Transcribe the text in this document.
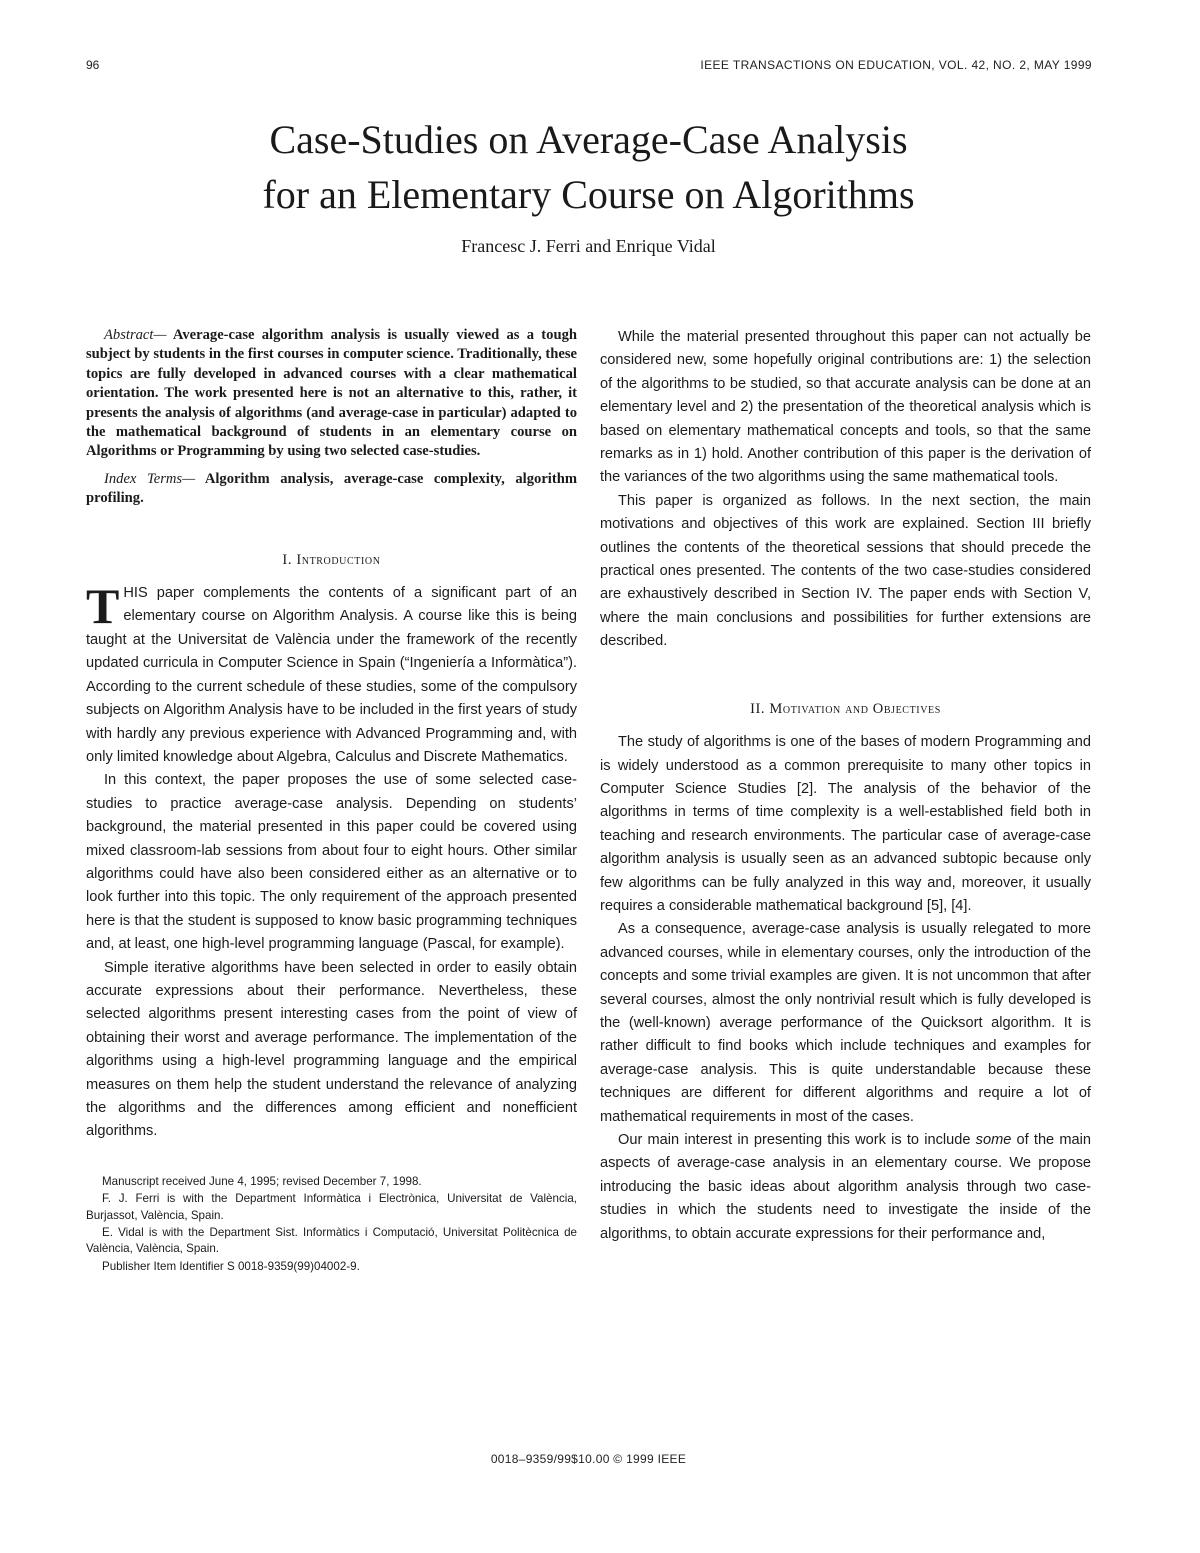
96	IEEE TRANSACTIONS ON EDUCATION, VOL. 42, NO. 2, MAY 1999
Case-Studies on Average-Case Analysis
for an Elementary Course on Algorithms
Francesc J. Ferri and Enrique Vidal

Abstract— Average-case algorithm analysis is usually viewed as a tough subject by students in the first courses in computer science. Traditionally, these topics are fully developed in advanced courses with a clear mathematical orientation. The work presented here is not an alternative to this, rather, it presents the analysis of algorithms (and average-case in particular) adapted to the mathematical background of students in an elementary course on Algorithms or Programming by using two selected case-studies.

Index Terms— Algorithm analysis, average-case complexity, algorithm profiling.

I. Introduction

THIS paper complements the contents of a significant part of an elementary course on Algorithm Analysis. A course like this is being taught at the Universitat de València under the framework of the recently updated curricula in Computer Science in Spain (“Ingeniería a Informàtica”). According to the current schedule of these studies, some of the compulsory subjects on Algorithm Analysis have to be included in the first years of study with hardly any previous experience with Advanced Programming and, with only limited knowledge about Algebra, Calculus and Discrete Mathematics.

In this context, the paper proposes the use of some selected case-studies to practice average-case analysis. Depending on students’ background, the material presented in this paper could be covered using mixed classroom-lab sessions from about four to eight hours. Other similar algorithms could have also been considered either as an alternative or to look further into this topic. The only requirement of the approach presented here is that the student is supposed to know basic programming techniques and, at least, one high-level programming language (Pascal, for example).

Simple iterative algorithms have been selected in order to easily obtain accurate expressions about their performance. Nevertheless, these selected algorithms present interesting cases from the point of view of obtaining their worst and average performance. The implementation of the algorithms using a high-level programming language and the empirical measures on them help the student understand the relevance of analyzing the algorithms and the differences among efficient and nonefficient algorithms.

Manuscript received June 4, 1995; revised December 7, 1998.

F. J. Ferri is with the Department Informàtica i Electrònica, Universitat de València, Burjassot, València, Spain.

E. Vidal is with the Department Sist. Informàtics i Computació, Universitat Politècnica de València, València, Spain.

Publisher Item Identifier S 0018-9359(99)04002-9.

While the material presented throughout this paper can not actually be considered new, some hopefully original contributions are: 1) the selection of the algorithms to be studied, so that accurate analysis can be done at an elementary level and 2) the presentation of the theoretical analysis which is based on elementary mathematical concepts and tools, so that the same remarks as in 1) hold. Another contribution of this paper is the derivation of the variances of the two algorithms using the same mathematical tools.

This paper is organized as follows. In the next section, the main motivations and objectives of this work are explained. Section III briefly outlines the contents of the theoretical sessions that should precede the practical ones presented. The contents of the two case-studies considered are exhaustively described in Section IV. The paper ends with Section V, where the main conclusions and possibilities for further extensions are described.

II. Motivation and Objectives

The study of algorithms is one of the bases of modern Programming and is widely understood as a common prerequisite to many other topics in Computer Science Studies [2]. The analysis of the behavior of the algorithms in terms of time complexity is a well-established field both in teaching and research environments. The particular case of average-case algorithm analysis is usually seen as an advanced subtopic because only few algorithms can be fully analyzed in this way and, moreover, it usually requires a considerable mathematical background [5], [4].

As a consequence, average-case analysis is usually relegated to more advanced courses, while in elementary courses, only the introduction of the concepts and some trivial examples are given. It is not uncommon that after several courses, almost the only nontrivial result which is fully developed is the (well-known) average performance of the Quicksort algorithm. It is rather difficult to find books which include techniques and examples for average-case analysis. This is quite understandable because these techniques are different for different algorithms and require a lot of mathematical requirements in most of the cases.

Our main interest in presenting this work is to include some of the main aspects of average-case analysis in an elementary course. We propose introducing the basic ideas about algorithm analysis through two case-studies in which the students need to investigate the inside of the algorithms, to obtain accurate expressions for their performance and,

0018–9359/99$10.00 © 1999 IEEE
